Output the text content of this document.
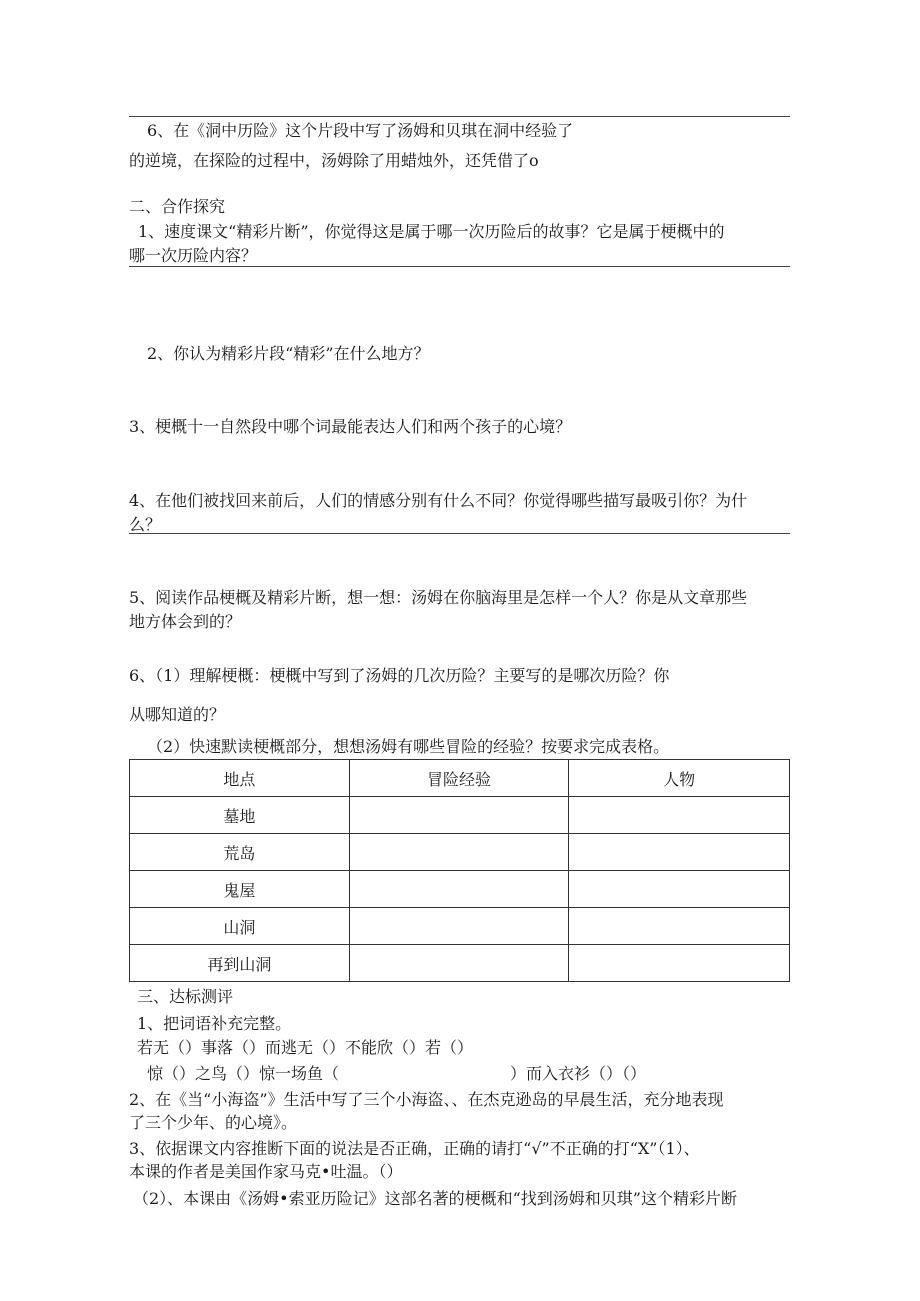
6、在《洞中历险》这个片段中写了汤姆和贝琪在洞中经验了
的逆境，在探险的过程中，汤姆除了用蜡烛外，还凭借了o
二、合作探究
1、速度课文“精彩片断”，你觉得这是属于哪一次历险后的故事？它是属于梗概中的
哪一次历险内容？
2、你认为精彩片段“精彩”在什么地方？
3、梗概十一自然段中哪个词最能表达人们和两个孩子的心境？
4、在他们被找回来前后，人们的情感分别有什么不同？你觉得哪些描写最吸引你？为什
么？
5、阅读作品梗概及精彩片断，想一想：汤姆在你脑海里是怎样一个人？你是从文章那些
地方体会到的？
6、（1）理解梗概：梗概中写到了汤姆的几次历险？主要写的是哪次历险？你
从哪知道的？
（2）快速默读梗概部分，想想汤姆有哪些冒险的经验？按要求完成表格。
地点	冒险经验	人物
墓地		
荒岛		
鬼屋		
山洞		
再到山洞		
三、达标测评
1、把词语补充完整。
若无（）事落（）而逃无（）不能欣（）若（）
惊（）之鸟（）惊一场鱼（	）而入衣衫（）（）
2、在《当“小海盗”》生活中写了三个小海盗、、在杰克逊岛的早晨生活，充分地表现
了三个少年、的心境》。
3、依据课文内容推断下面的说法是否正确，正确的请打“√”不正确的打“X”（1）、
本课的作者是美国作家马克•吐温。（）
（2）、本课由《汤姆•索亚历险记》这部名著的梗概和“找到汤姆和贝琪”这个精彩片断
